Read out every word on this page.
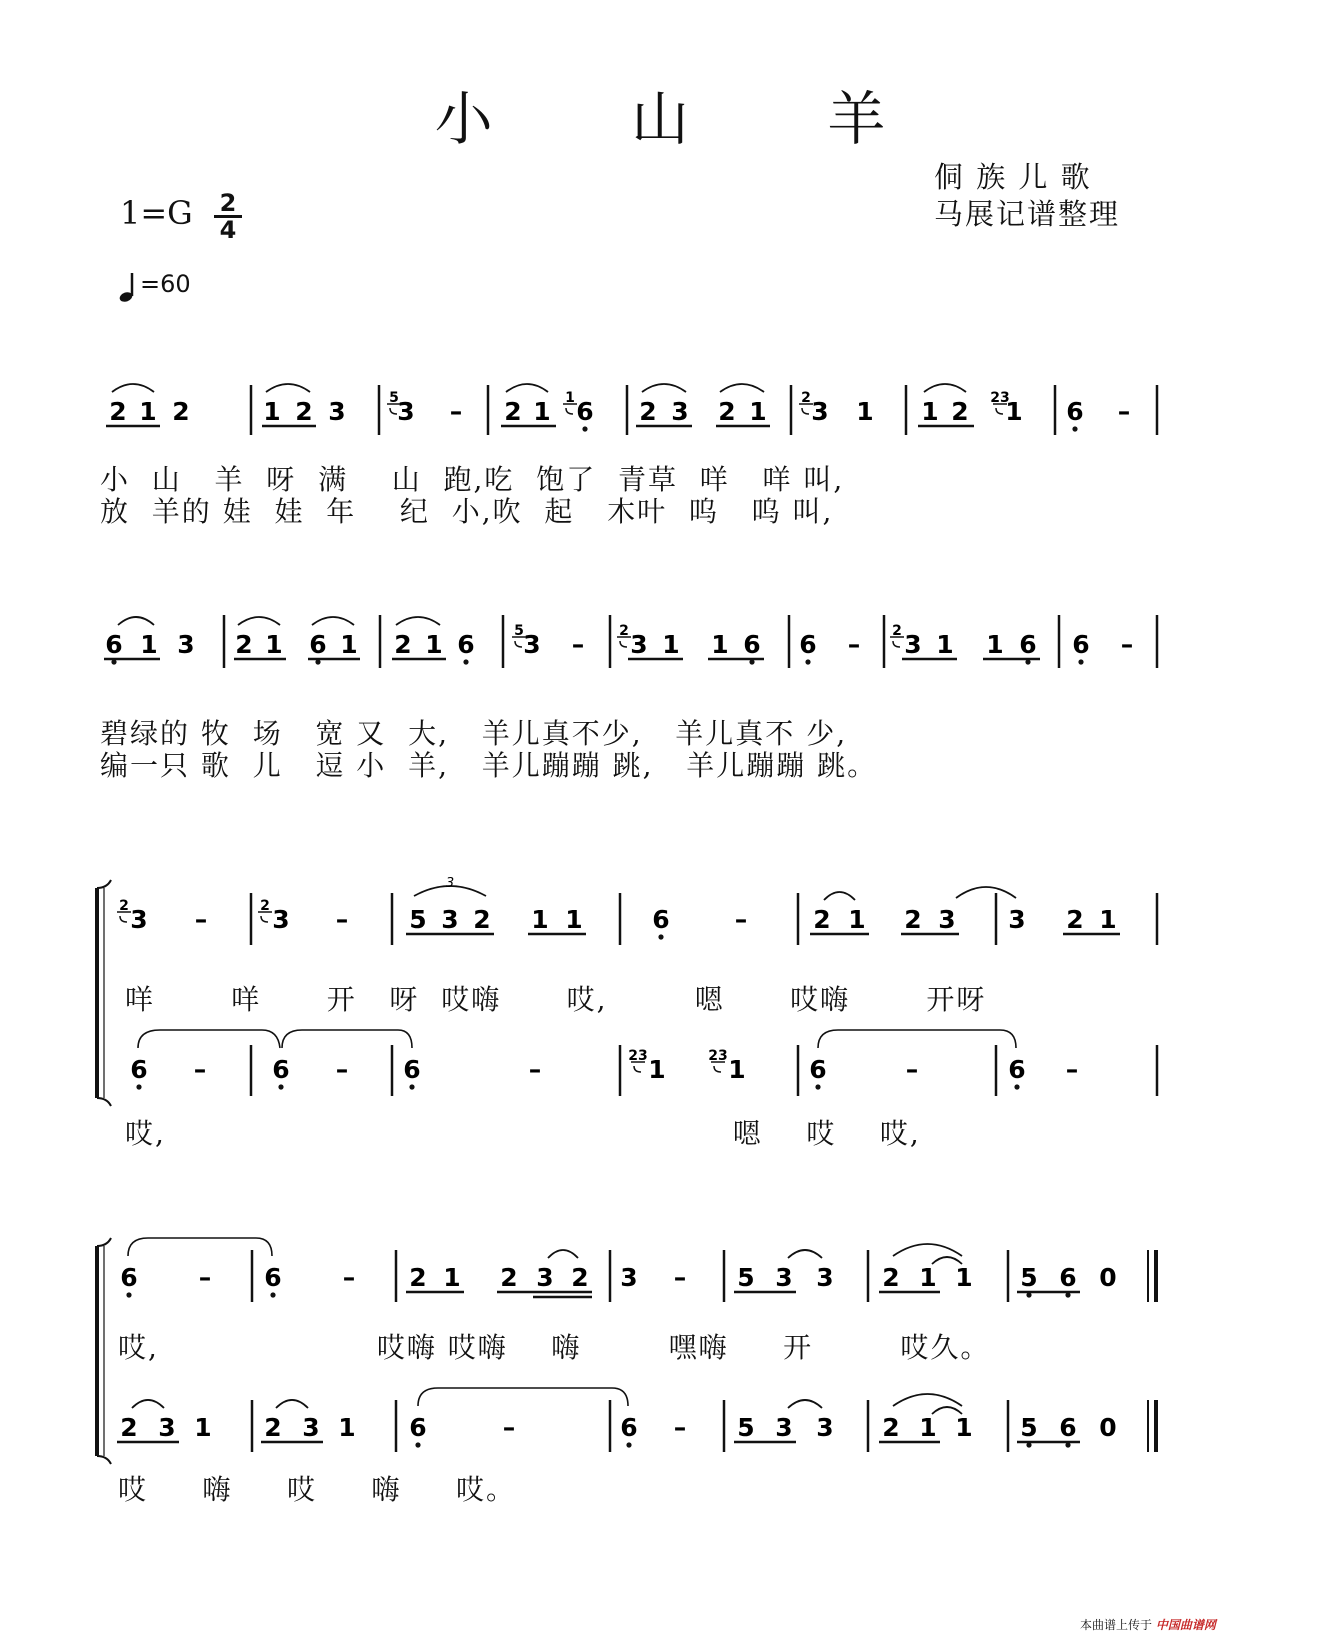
小 山 羊
侗 族 儿 歌
马展记谱整理
1=G 2
4
=60
2 1 2	1 2 3	5
3 – 2 1 1 6 2 3 2 1 2 3 1 1 2 23
1 6 –
6 1 3 2 1 6 1 2 1 6	5 3 – 2 3 1 1 6 6 – 2 3 1 1 6 6 –
2 3 –	2 3 – 5 3 2
3
1 1	6	–	2 1 2 3 3 2 1
6 –	6 – 6	–	23 1	23 1	6	–	6 –
6 – 6 – 2 1 2 3 2 3 – 5 3 3 2 1 1 5 6 0
2 3 1 2 3 1 6	–	6 – 5 3 3 2 1 1 5 6 0
小  山   羊  呀  满    山  跑,吃  饱了  青草  咩   咩 叫,
放  羊的 娃  娃  年    纪  小,吹  起   木叶  呜   呜 叫,
碧绿的 牧  场   宽 又  大,   羊儿真不少,   羊儿真不 少,
编一只 歌  儿   逗 小  羊,   羊儿蹦蹦 跳,   羊儿蹦蹦 跳。
咩       咩      开   呀  哎嗨      哎,        嗯      哎嗨       开呀
哎,                                                    嗯    哎    哎,
哎,                    哎嗨 哎嗨    嗨        嘿嗨     开        哎久。
哎     嗨     哎     嗨     哎。
本曲谱上传于 中国曲谱网
